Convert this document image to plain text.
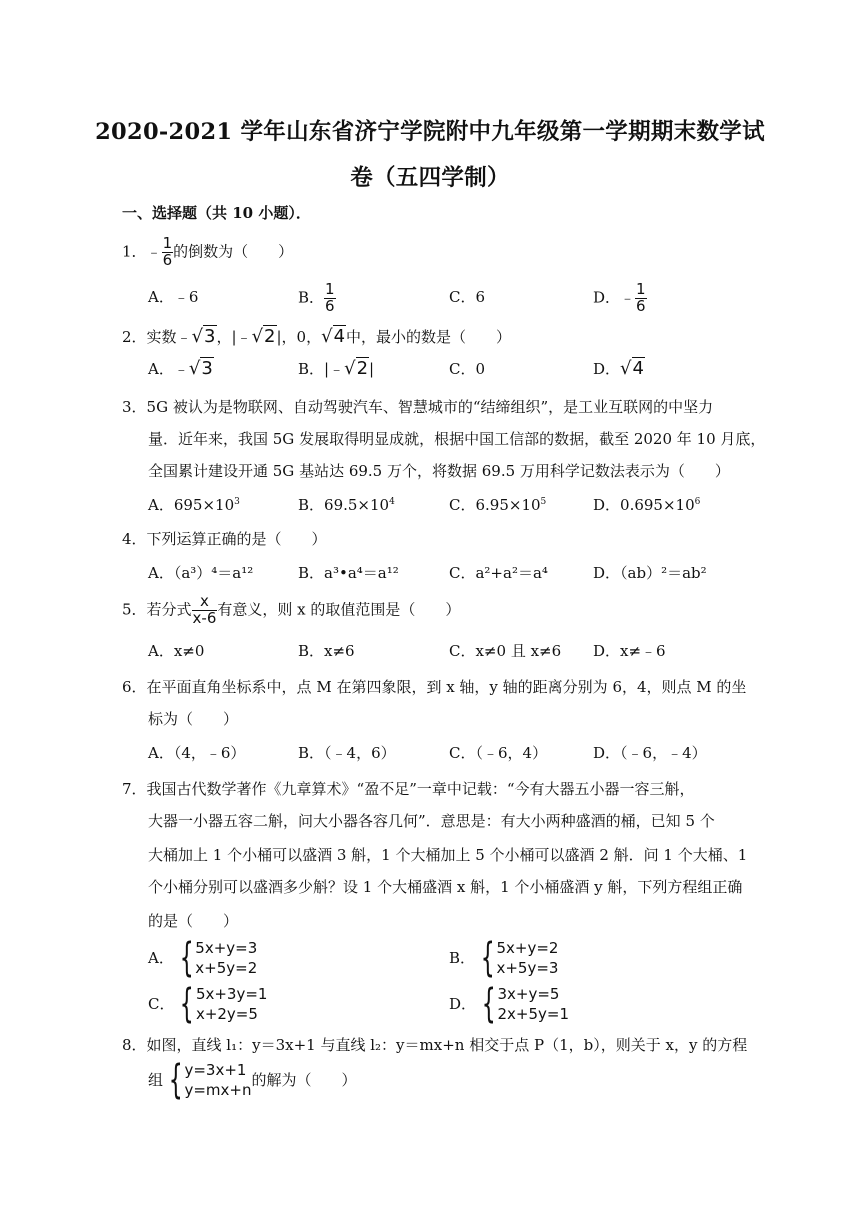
2020-2021 学年山东省济宁学院附中九年级第一学期期末数学试
卷（五四学制）
一、选择题（共 10 小题）．
1．﹣ $\frac{1}{6}$ 的倒数为（　　）
A．﹣6	B． $\frac{1}{6}$	C．6	D．﹣ $\frac{1}{6}$
2．实数﹣√3，|﹣√2|，0，√4中，最小的数是（　　）
A．﹣√3	B．|﹣√2|	C．0	D．√4
3．5G 被认为是物联网、自动驾驶汽车、智慧城市的“结缔组织”，是工业互联网的中坚力
量．近年来，我国 5G 发展取得明显成就，根据中国工信部的数据，截至 2020 年 10 月底，
全国累计建设开通 5G 基站达 69.5 万个，将数据 69.5 万用科学记数法表示为（　　）
A．$695\times 10^3$	B．$69.5\times 10^4$	C．$6.95\times 10^5$	D．$0.695\times 10^6$
4．下列运算正确的是（　　）
A．（a³）⁴＝a¹²	B．a³•a⁴＝a¹²	C．a²+a²＝a⁴	D．（ab）²＝ab²
5．若分式 $\frac{x}{x-6}$ 有意义，则 x 的取值范围是（　　）
A．x≠0	B．x≠6	C．x≠0 且 x≠6 D．x≠﹣6
6．在平面直角坐标系中，点 M 在第四象限，到 x 轴，y 轴的距离分别为 6，4，则点 M 的坐
标为（　　）
A．（4，﹣6）	B．（﹣4，6）	C．（﹣6，4）	D．（﹣6，﹣4）
7．我国古代数学著作《九章算术》“盈不足”一章中记载：“今有大器五小器一容三斛，
大器一小器五容二斛，问大小器各容几何”．意思是：有大小两种盛酒的桶，已知 5 个
大桶加上 1 个小桶可以盛酒 3 斛，1 个大桶加上 5 个小桶可以盛酒 2 斛．问 1 个大桶、1
个小桶分别可以盛酒多少斛？设 1 个大桶盛酒 x 斛，1 个小桶盛酒 y 斛，下列方程组正确
的是（　　）
A． { 5x+y=3
x+5y=2
B． { 5x+y=2
x+5y=3
C． { 5x+3y=1
x+2y=5
D． { 3x+y=5
2x+5y=1
8．如图，直线 l₁：y＝3x+1 与直线 l₂：y＝mx+n 相交于点 P（1，b），则关于 x，y 的方程
组 { y=3x+1
y=mx+n
的解为（　　）
